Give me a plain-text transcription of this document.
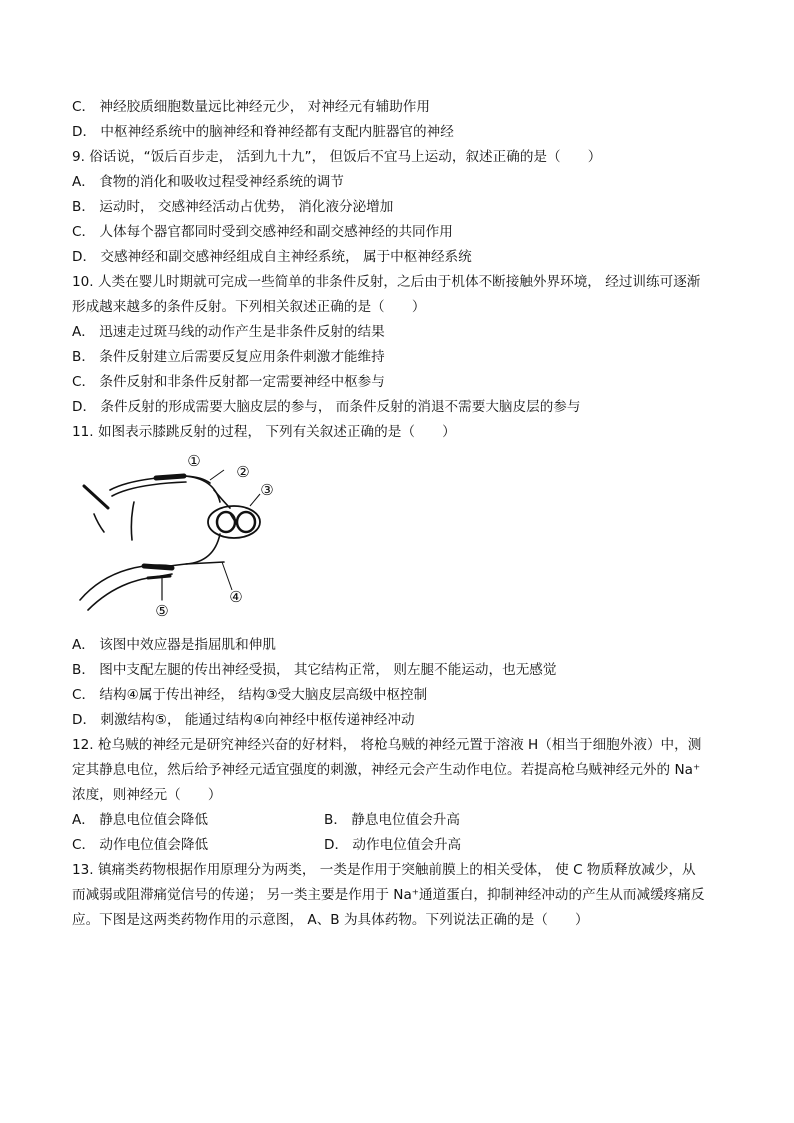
C． 神经胶质细胞数量远比神经元少， 对神经元有辅助作用
D． 中枢神经系统中的脑神经和脊神经都有支配内脏器官的神经
9. 俗话说，“饭后百步走， 活到九十九”， 但饭后不宜马上运动，叙述正确的是（　　）
A． 食物的消化和吸收过程受神经系统的调节
B． 运动时， 交感神经活动占优势， 消化液分泌增加
C． 人体每个器官都同时受到交感神经和副交感神经的共同作用
D． 交感神经和副交感神经组成自主神经系统， 属于中枢神经系统
10. 人类在婴儿时期就可完成一些简单的非条件反射，之后由于机体不断接触外界环境， 经过训练可逐渐
形成越来越多的条件反射。下列相关叙述正确的是（　　）
A． 迅速走过斑马线的动作产生是非条件反射的结果
B． 条件反射建立后需要反复应用条件刺激才能维持
C． 条件反射和非条件反射都一定需要神经中枢参与
D． 条件反射的形成需要大脑皮层的参与， 而条件反射的消退不需要大脑皮层的参与
11. 如图表示膝跳反射的过程， 下列有关叙述正确的是（　　）
①
②
③
④
⑤
A． 该图中效应器是指屈肌和伸肌
B． 图中支配左腿的传出神经受损， 其它结构正常， 则左腿不能运动，也无感觉
C． 结构④属于传出神经， 结构③受大脑皮层高级中枢控制
D． 刺激结构⑤， 能通过结构④向神经中枢传递神经冲动
12. 枪乌贼的神经元是研究神经兴奋的好材料， 将枪乌贼的神经元置于溶液 H（相当于细胞外液）中，测
定其静息电位，然后给予神经元适宜强度的刺激，神经元会产生动作电位。若提高枪乌贼神经元外的 Na⁺
浓度，则神经元（　　）
A． 静息电位值会降低	B． 静息电位值会升高
C． 动作电位值会降低	D． 动作电位值会升高
13. 镇痛类药物根据作用原理分为两类， 一类是作用于突触前膜上的相关受体， 使 C 物质释放减少，从
而减弱或阻滞痛觉信号的传递； 另一类主要是作用于 Na⁺通道蛋白，抑制神经冲动的产生从而减缓疼痛反
应。下图是这两类药物作用的示意图， A、B 为具体药物。下列说法正确的是（　　）
